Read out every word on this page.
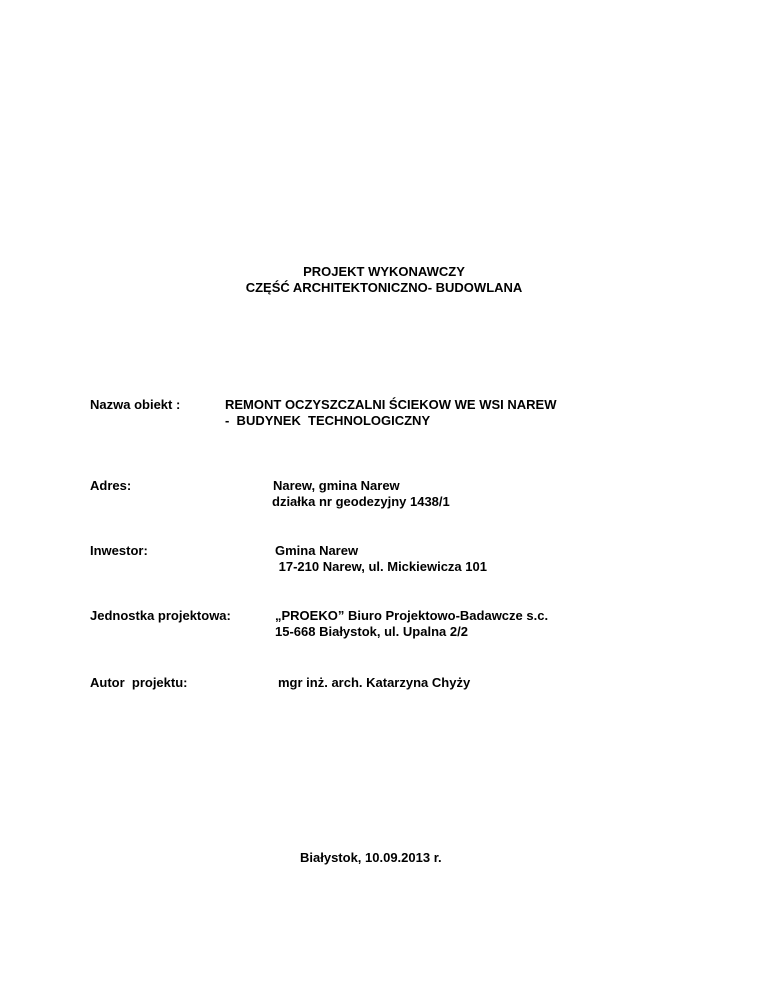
PROJEKT WYKONAWCZY
CZĘŚĆ ARCHITEKTONICZNO- BUDOWLANA
Nazwa obiekt :	REMONT OCZYSZCZALNI ŚCIEKOW WE WSI NAREW
-  BUDYNEK  TECHNOLOGICZNY
Adres:	Narew, gmina Narew
działka nr geodezyjny 1438/1
Inwestor:	Gmina Narew
17-210 Narew, ul. Mickiewicza 101
Jednostka projektowa:	„PROEKO” Biuro Projektowo-Badawcze s.c.
15-668 Białystok, ul. Upalna 2/2
Autor  projektu:	mgr inż. arch. Katarzyna Chyży
Białystok, 10.09.2013 r.
